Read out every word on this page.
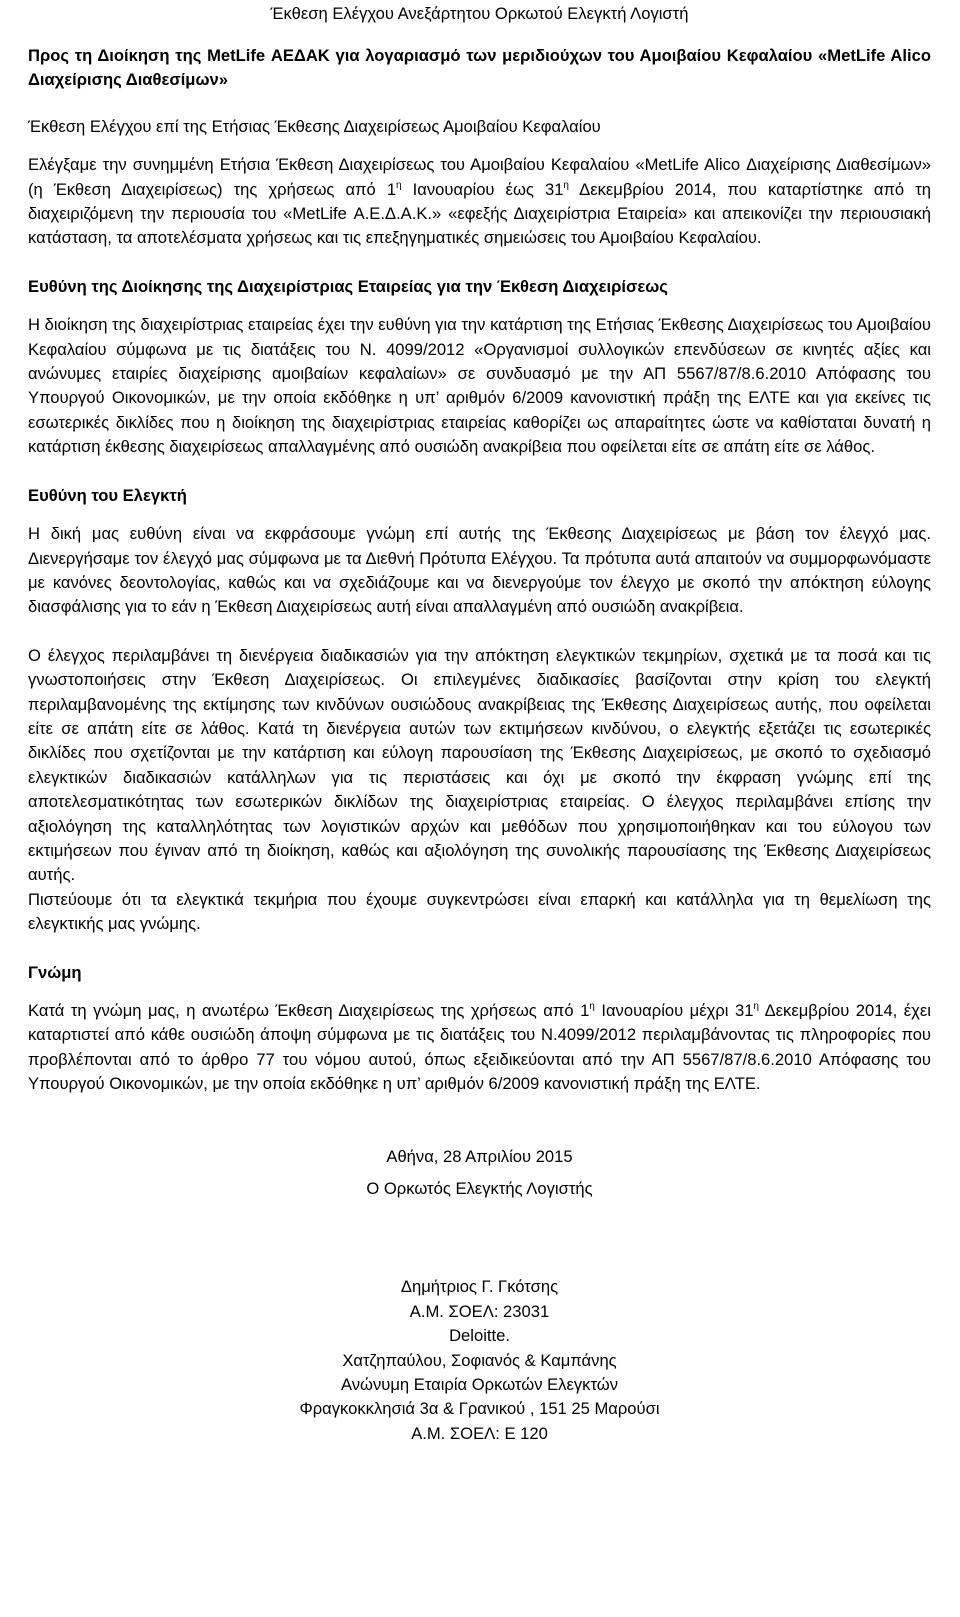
Έκθεση Ελέγχου Ανεξάρτητου Ορκωτού Ελεγκτή Λογιστή
Προς τη Διοίκηση της MetLife ΑΕΔΑΚ για λογαριασμό των μεριδιούχων του Αμοιβαίου Κεφαλαίου «MetLife Alico Διαχείρισης Διαθεσίμων»
Έκθεση Ελέγχου επί της Ετήσιας Έκθεσης Διαχειρίσεως Αμοιβαίου Κεφαλαίου

Ελέγξαμε την συνημμένη Ετήσια Έκθεση Διαχειρίσεως του Αμοιβαίου Κεφαλαίου «MetLife Alico Διαχείρισης Διαθεσίμων» (η Έκθεση Διαχειρίσεως) της χρήσεως από $1^\eta$ Ιανουαρίου έως $31^\eta$ Δεκεμβρίου 2014, που καταρτίστηκε από τη διαχειριζόμενη την περιουσία του «MetLife Α.Ε.Δ.Α.Κ.» «εφεξής Διαχειρίστρια Εταιρεία» και απεικονίζει την περιουσιακή κατάσταση, τα αποτελέσματα χρήσεως και τις επεξηγηματικές σημειώσεις του Αμοιβαίου Κεφαλαίου.

Ευθύνη της Διοίκησης της Διαχειρίστριας Εταιρείας για την Έκθεση Διαχειρίσεως

Η διοίκηση της διαχειρίστριας εταιρείας έχει την ευθύνη για την κατάρτιση της Ετήσιας Έκθεσης Διαχειρίσεως του Αμοιβαίου Κεφαλαίου σύμφωνα με τις διατάξεις του Ν. 4099/2012 «Οργανισμοί συλλογικών επενδύσεων σε κινητές αξίες και ανώνυμες εταιρίες διαχείρισης αμοιβαίων κεφαλαίων» σε συνδυασμό με την ΑΠ 5567/87/8.6.2010 Απόφασης του Υπουργού Οικονομικών, με την οποία εκδόθηκε η υπ’ αριθμόν 6/2009 κανονιστική πράξη της ΕΛΤΕ και για εκείνες τις εσωτερικές δικλίδες που η διοίκηση της διαχειρίστριας εταιρείας καθορίζει ως απαραίτητες ώστε να καθίσταται δυνατή η κατάρτιση έκθεσης διαχειρίσεως απαλλαγμένης από ουσιώδη ανακρίβεια που οφείλεται είτε σε απάτη είτε σε λάθος.

Ευθύνη του Ελεγκτή

Η δική μας ευθύνη είναι να εκφράσουμε γνώμη επί αυτής της Έκθεσης Διαχειρίσεως με βάση τον έλεγχό μας. Διενεργήσαμε τον έλεγχό μας σύμφωνα με τα Διεθνή Πρότυπα Ελέγχου. Τα πρότυπα αυτά απαιτούν να συμμορφωνόμαστε με κανόνες δεοντολογίας, καθώς και να σχεδιάζουμε και να διενεργούμε τον έλεγχο με σκοπό την απόκτηση εύλογης διασφάλισης για το εάν η Έκθεση Διαχειρίσεως αυτή είναι απαλλαγμένη από ουσιώδη ανακρίβεια.

Ο έλεγχος περιλαμβάνει τη διενέργεια διαδικασιών για την απόκτηση ελεγκτικών τεκμηρίων, σχετικά με τα ποσά και τις γνωστοποιήσεις στην Έκθεση Διαχειρίσεως. Οι επιλεγμένες διαδικασίες βασίζονται στην κρίση του ελεγκτή περιλαμβανομένης της εκτίμησης των κινδύνων ουσιώδους ανακρίβειας της Έκθεσης Διαχειρίσεως αυτής, που οφείλεται είτε σε απάτη είτε σε λάθος. Κατά τη διενέργεια αυτών των εκτιμήσεων κινδύνου, ο ελεγκτής εξετάζει τις εσωτερικές δικλίδες που σχετίζονται με την κατάρτιση και εύλογη παρουσίαση της Έκθεσης Διαχειρίσεως, με σκοπό το σχεδιασμό ελεγκτικών διαδικασιών κατάλληλων για τις περιστάσεις και όχι με σκοπό την έκφραση γνώμης επί της αποτελεσματικότητας των εσωτερικών δικλίδων της διαχειρίστριας εταιρείας. Ο έλεγχος περιλαμβάνει επίσης την αξιολόγηση της καταλληλότητας των λογιστικών αρχών και μεθόδων που χρησιμοποιήθηκαν και του εύλογου των εκτιμήσεων που έγιναν από τη διοίκηση, καθώς και αξιολόγηση της συνολικής παρουσίασης της Έκθεσης Διαχειρίσεως αυτής.

Πιστεύουμε ότι τα ελεγκτικά τεκμήρια που έχουμε συγκεντρώσει είναι επαρκή και κατάλληλα για τη θεμελίωση της ελεγκτικής μας γνώμης.

Γνώμη

Κατά τη γνώμη μας, η ανωτέρω Έκθεση Διαχειρίσεως της χρήσεως από $1^\eta$ Ιανουαρίου μέχρι $31^\eta$ Δεκεμβρίου 2014, έχει καταρτιστεί από κάθε ουσιώδη άποψη σύμφωνα με τις διατάξεις του Ν.4099/2012 περιλαμβάνοντας τις πληροφορίες που προβλέπονται από το άρθρο 77 του νόμου αυτού, όπως εξειδικεύονται από την ΑΠ 5567/87/8.6.2010 Απόφασης του Υπουργού Οικονομικών, με την οποία εκδόθηκε η υπ’ αριθμόν 6/2009 κανονιστική πράξη της ΕΛΤΕ.

Αθήνα, 28 Απριλίου 2015
Ο Ορκωτός Ελεγκτής Λογιστής
Δημήτριος Γ. Γκότσης
Α.Μ. ΣΟΕΛ: 23031
Deloitte.
Χατζηπαύλου, Σοφιανός & Καμπάνης
Ανώνυμη Εταιρία Ορκωτών Ελεγκτών
Φραγκοκκλησιά 3α & Γρανικού , 151 25 Μαρούσι
Α.Μ. ΣΟΕΛ: Ε 120
